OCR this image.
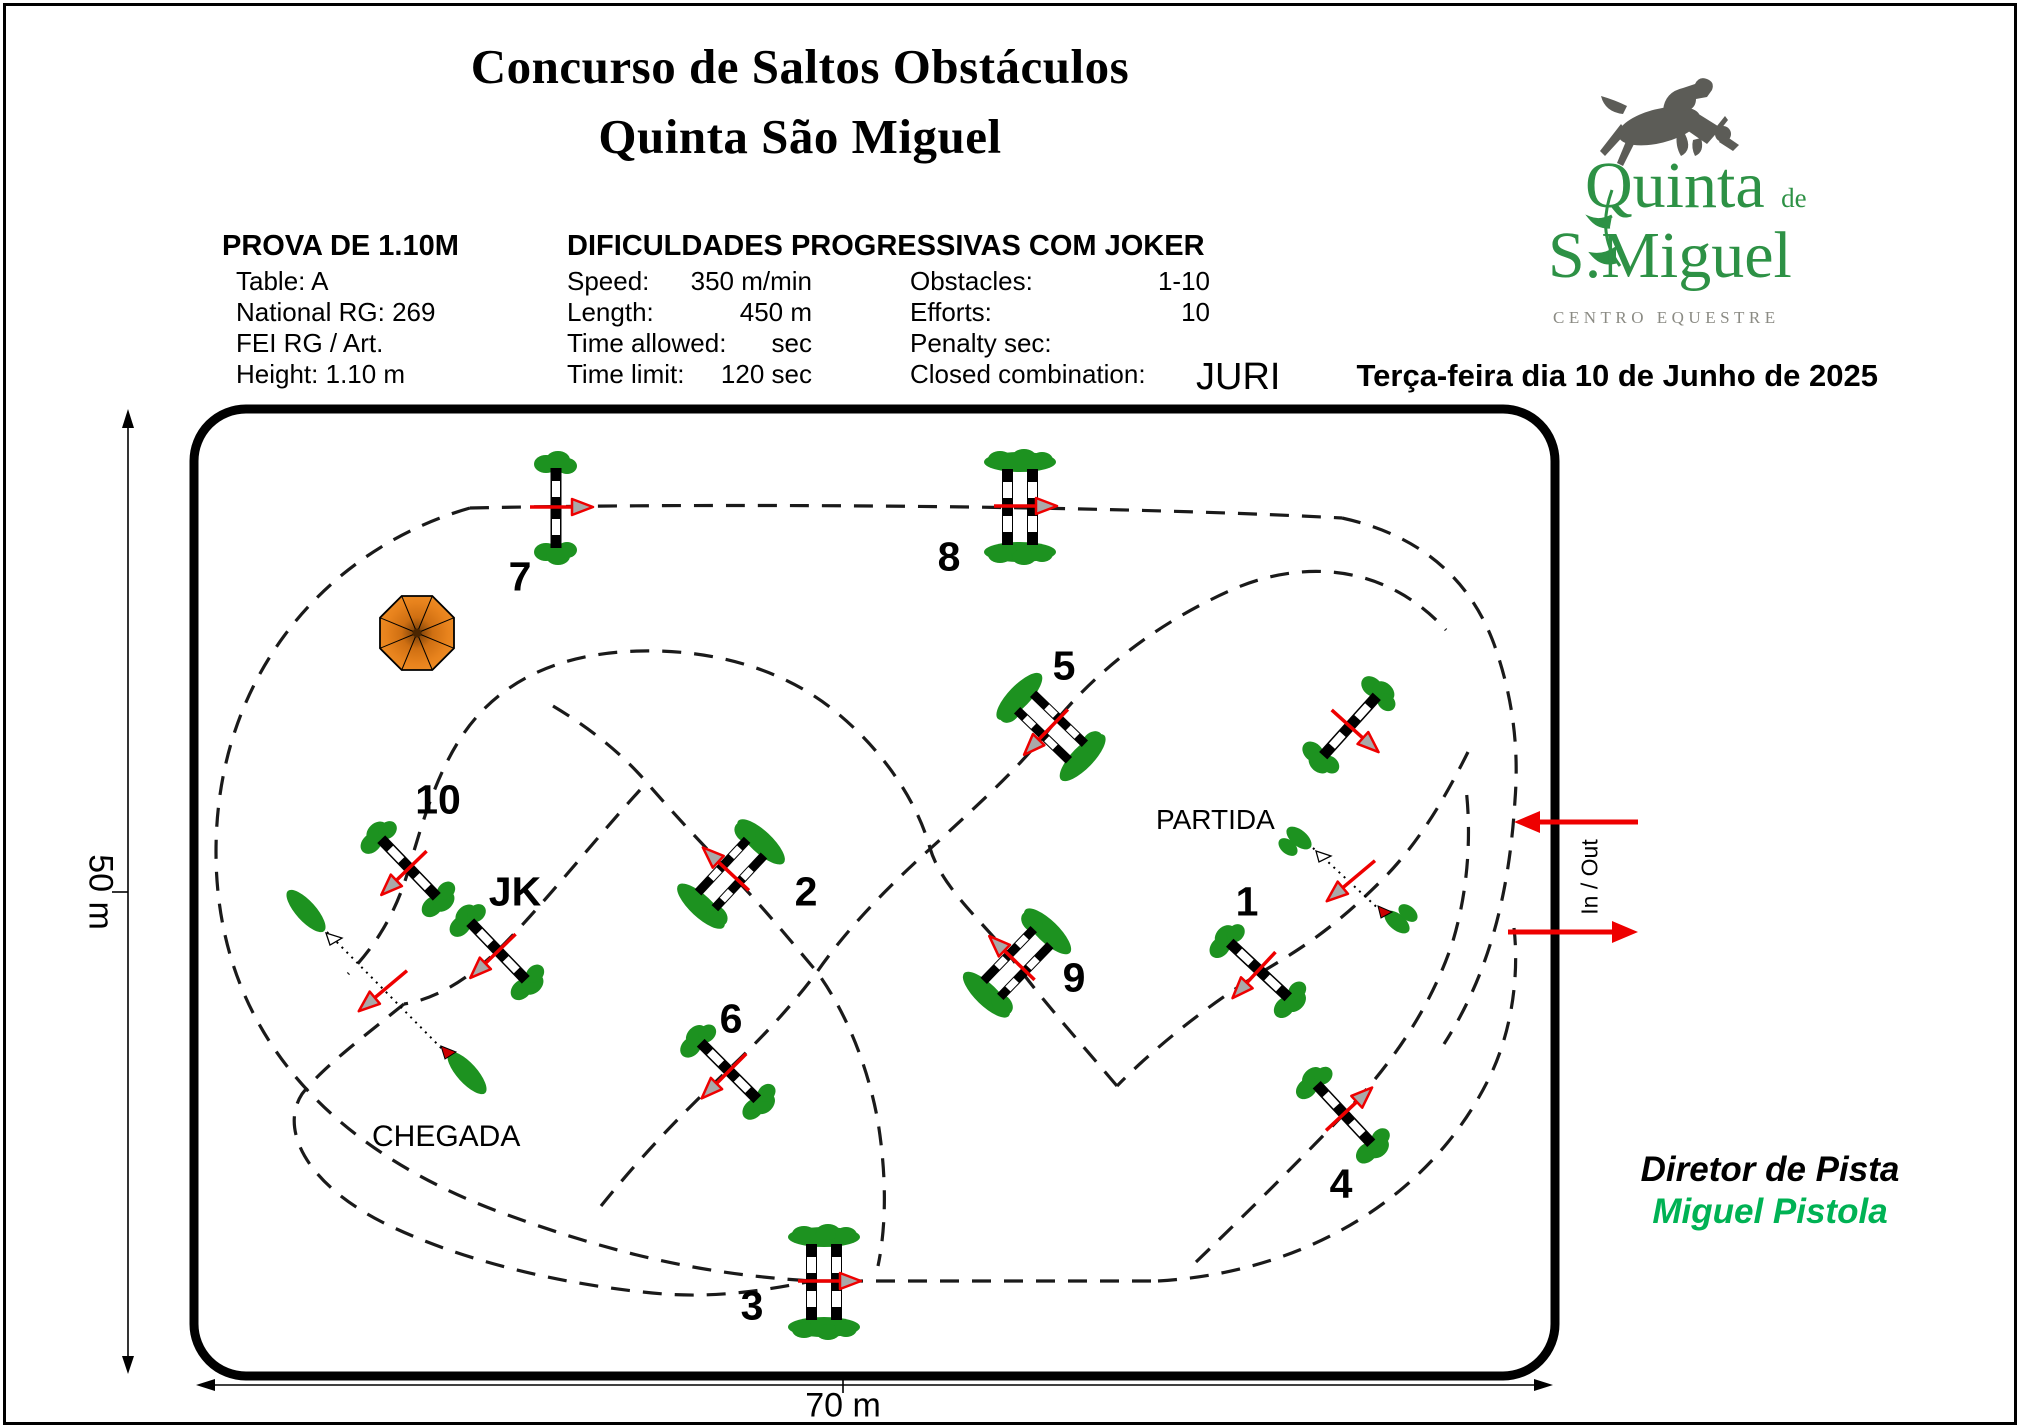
Concurso de Saltos Obstáculos
Quinta São Miguel
PROVA DE 1.10M
Table: A
National RG: 269
FEI RG / Art.
Height: 1.10 m
DIFICULDADES PROGRESSIVAS COM JOKER
Speed:	350 m/min
Length:	450 m
Time allowed:	sec
Time limit:	120 sec
Obstacles:	1-10
Efforts:	10
Penalty sec:
Closed combination:
Quinta de
S.Miguel
CENTRO EQUESTRE
Terça-feira dia 10 de Junho de 2025
JURI
PARTIDA
CHEGADA
In / Out
50 m
70 m
1
2
3
4
5
6
7	8
9
10
JK
Diretor de Pista
Miguel Pistola
